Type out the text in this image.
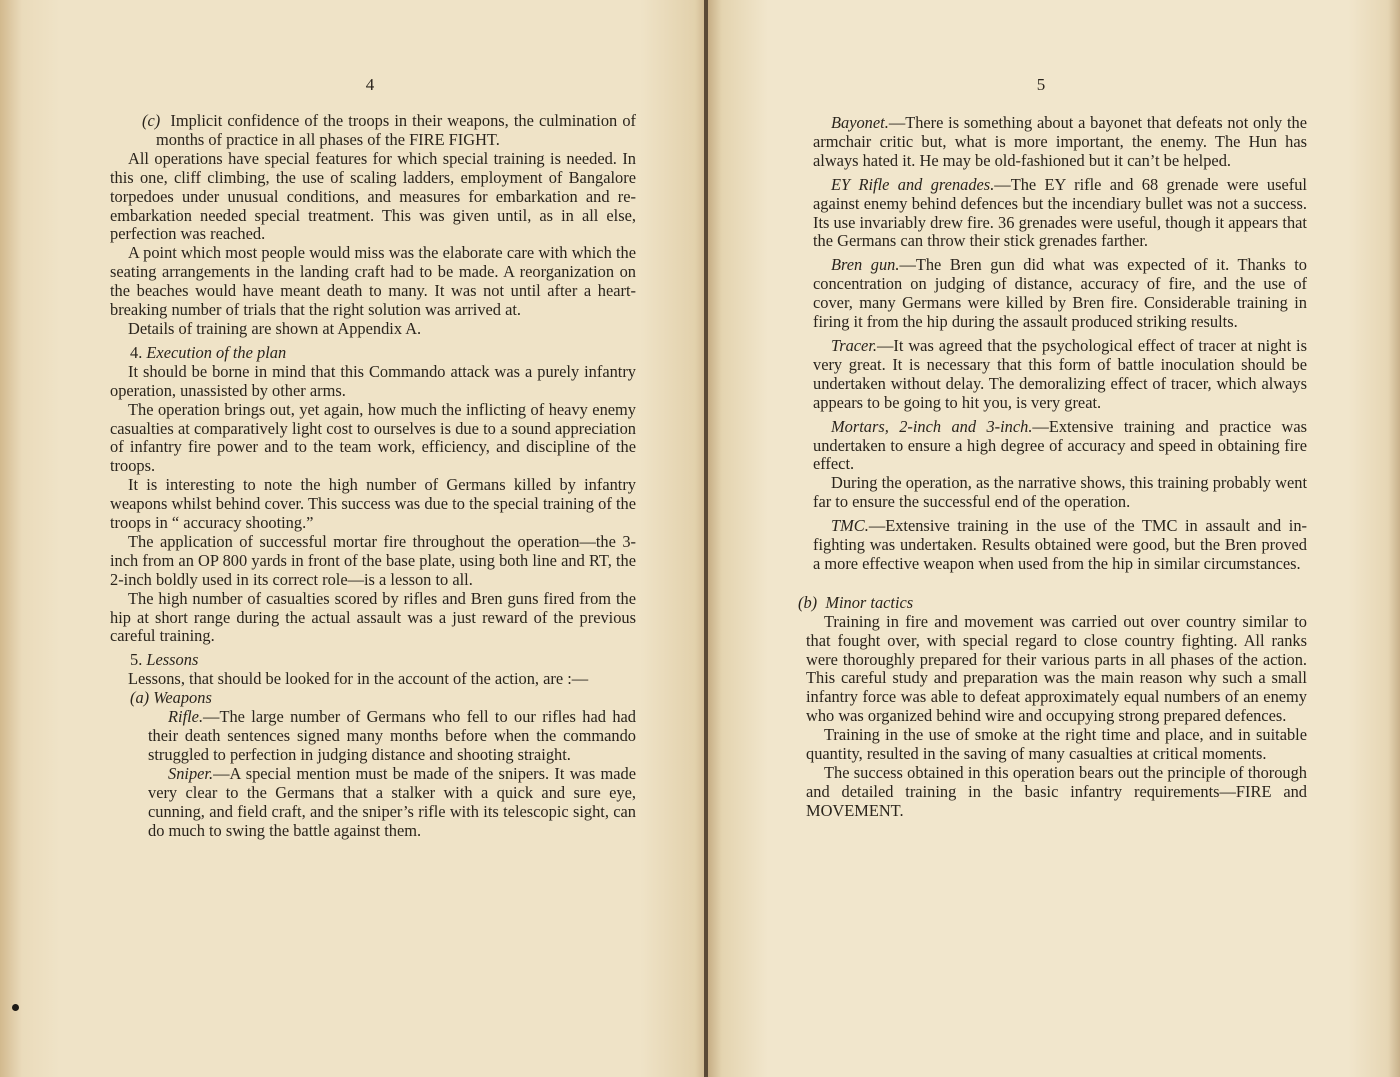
4

(c) Implicit confidence of the troops in their weapons, the culmination of months of practice in all phases of the FIRE FIGHT.

All operations have special features for which special training is needed. In this one, cliff climbing, the use of scaling ladders, employment of Bangalore torpedoes under unusual conditions, and measures for embarkation and re-embarkation needed special treatment. This was given until, as in all else, perfection was reached.

A point which most people would miss was the elaborate care with which the seating arrangements in the landing craft had to be made. A reorganization on the beaches would have meant death to many. It was not until after a heart-breaking number of trials that the right solution was arrived at.

Details of training are shown at Appendix A.

4. Execution of the plan

It should be borne in mind that this Commando attack was a purely infantry operation, unassisted by other arms.

The operation brings out, yet again, how much the inflicting of heavy enemy casualties at comparatively light cost to ourselves is due to a sound appreciation of infantry fire power and to the team work, efficiency, and discipline of the troops.

It is interesting to note the high number of Germans killed by infantry weapons whilst behind cover. This success was due to the special training of the troops in “ accuracy shooting.”

The application of successful mortar fire throughout the operation—the 3-inch from an OP 800 yards in front of the base plate, using both line and RT, the 2-inch boldly used in its correct role—is a lesson to all.

The high number of casualties scored by rifles and Bren guns fired from the hip at short range during the actual assault was a just reward of the previous careful training.

5. Lessons

Lessons, that should be looked for in the account of the action, are :—

(a) Weapons

Rifle.—The large number of Germans who fell to our rifles had had their death sentences signed many months before when the commando struggled to perfection in judging distance and shooting straight.

Sniper.—A special mention must be made of the snipers. It was made very clear to the Germans that a stalker with a quick and sure eye, cunning, and field craft, and the sniper’s rifle with its telescopic sight, can do much to swing the battle against them.

5

Bayonet.—There is something about a bayonet that defeats not only the armchair critic but, what is more important, the enemy. The Hun has always hated it. He may be old-fashioned but it can’t be helped.

EY Rifle and grenades.—The EY rifle and 68 grenade were useful against enemy behind defences but the incendiary bullet was not a success. Its use invariably drew fire. 36 grenades were useful, though it appears that the Germans can throw their stick grenades farther.

Bren gun.—The Bren gun did what was expected of it. Thanks to concentration on judging of distance, accuracy of fire, and the use of cover, many Germans were killed by Bren fire. Considerable training in firing it from the hip during the assault produced striking results.

Tracer.—It was agreed that the psychological effect of tracer at night is very great. It is necessary that this form of battle inoculation should be undertaken without delay. The demoralizing effect of tracer, which always appears to be going to hit you, is very great.

Mortars, 2-inch and 3-inch.—Extensive training and practice was undertaken to ensure a high degree of accuracy and speed in obtaining fire effect.

During the operation, as the narrative shows, this training probably went far to ensure the successful end of the operation.

TMC.—Extensive training in the use of the TMC in assault and in-fighting was undertaken. Results obtained were good, but the Bren proved a more effective weapon when used from the hip in similar circumstances.

(b) Minor tactics

Training in fire and movement was carried out over country similar to that fought over, with special regard to close country fighting. All ranks were thoroughly prepared for their various parts in all phases of the action. This careful study and preparation was the main reason why such a small infantry force was able to defeat approximately equal numbers of an enemy who was organized behind wire and occupying strong prepared defences.

Training in the use of smoke at the right time and place, and in suitable quantity, resulted in the saving of many casualties at critical moments.

The success obtained in this operation bears out the principle of thorough and detailed training in the basic infantry requirements—FIRE and MOVEMENT.
